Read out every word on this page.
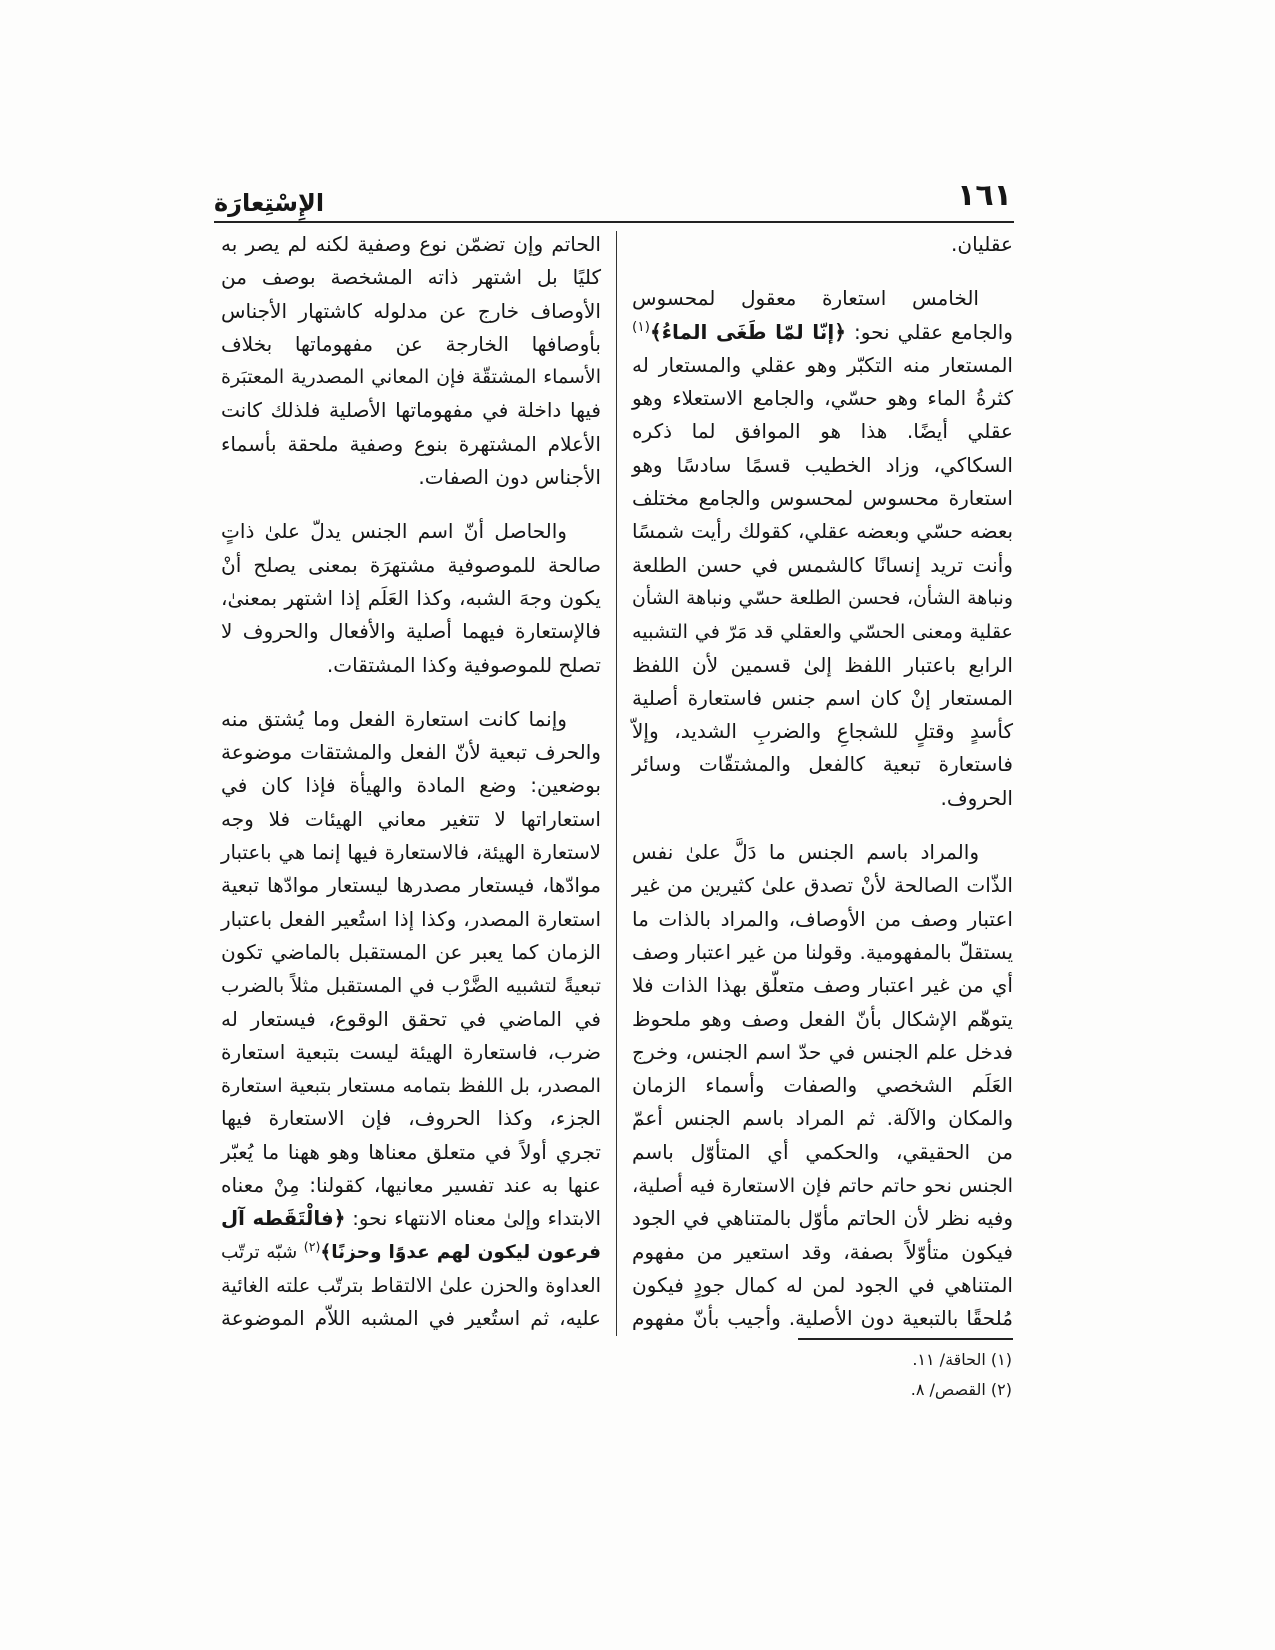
١٦١
الإِسْتِعارَة
عقليان.
الخامس استعارة معقول لمحسوس
والجامع عقلي نحو: ﴿إنّا لمّا طَغَى الماءُ﴾$^{(١)}$
المستعار منه التكبّر وهو عقلي والمستعار له
كثرةُ الماء وهو حسّي، والجامع الاستعلاء وهو
عقلي أيضًا. هذا هو الموافق لما ذكره
السكاكي، وزاد الخطيب قسمًا سادسًا وهو
استعارة محسوس لمحسوس والجامع مختلف
بعضه حسّي وبعضه عقلي، كقولك رأيت شمسًا
وأنت تريد إنسانًا كالشمس في حسن الطلعة
ونباهة الشأن، فحسن الطلعة حسّي ونباهة الشأن
عقلية ومعنى الحسّي والعقلي قد مَرّ في التشبيه
الرابع باعتبار اللفظ إلىٰ قسمين لأن اللفظ
المستعار إنْ كان اسم جنس فاستعارة أصلية
كأسدٍ وقتلٍ للشجاعِ والضربِ الشديد، وإلاّ
فاستعارة تبعية كالفعل والمشتقّات وسائر
الحروف.
والمراد باسم الجنس ما دَلَّ علىٰ نفس
الذّات الصالحة لأنْ تصدق علىٰ كثيرين من غير
اعتبار وصف من الأوصاف، والمراد بالذات ما
يستقلّ بالمفهومية. وقولنا من غير اعتبار وصف
أي من غير اعتبار وصف متعلّق بهذا الذات فلا
يتوهّم الإشكال بأنّ الفعل وصف وهو ملحوظ
فدخل علم الجنس في حدّ اسم الجنس، وخرج
العَلَم الشخصي والصفات وأسماء الزمان
والمكان والآلة. ثم المراد باسم الجنس أعمّ
من الحقيقي، والحكمي أي المتأوّل باسم
الجنس نحو حاتم حاتم فإن الاستعارة فيه أصلية،
وفيه نظر لأن الحاتم مأوّل بالمتناهي في الجود
فيكون متأوّلاً بصفة، وقد استعير من مفهوم
المتناهي في الجود لمن له كمال جودٍ فيكون
مُلحقًا بالتبعية دون الأصلية. وأجيب بأنّ مفهوم
الحاتم وإن تضمّن نوع وصفية لكنه لم يصر به
كليًا بل اشتهر ذاته المشخصة بوصف من
الأوصاف خارج عن مدلوله كاشتهار الأجناس
بأوصافها الخارجة عن مفهوماتها بخلاف
الأسماء المشتقّة فإن المعاني المصدرية المعتبَرة
فيها داخلة في مفهوماتها الأصلية فلذلك كانت
الأعلام المشتهرة بنوع وصفية ملحقة بأسماء
الأجناس دون الصفات.
والحاصل أنّ اسم الجنس يدلّ علىٰ ذاتٍ
صالحة للموصوفية مشتهرَة بمعنى يصلح أنْ
يكون وجهَ الشبه، وكذا العَلَم إذا اشتهر بمعنىٰ،
فالإستعارة فيهما أصلية والأفعال والحروف لا
تصلح للموصوفية وكذا المشتقات.
وإنما كانت استعارة الفعل وما يُشتق منه
والحرف تبعية لأنّ الفعل والمشتقات موضوعة
بوضعين: وضع المادة والهيأة فإذا كان في
استعاراتها لا تتغير معاني الهيئات فلا وجه
لاستعارة الهيئة، فالاستعارة فيها إنما هي باعتبار
موادّها، فيستعار مصدرها ليستعار موادّها تبعية
استعارة المصدر، وكذا إذا استُعير الفعل باعتبار
الزمان كما يعبر عن المستقبل بالماضي تكون
تبعيةً لتشبيه الضَّرْب في المستقبل مثلاً بالضرب
في الماضي في تحقق الوقوع، فيستعار له
ضرب، فاستعارة الهيئة ليست بتبعية استعارة
المصدر، بل اللفظ بتمامه مستعار بتبعية استعارة
الجزء، وكذا الحروف، فإن الاستعارة فيها
تجري أولاً في متعلق معناها وهو ههنا ما يُعبّر
عنها به عند تفسير معانيها، كقولنا: مِنْ معناه
الابتداء وإلىٰ معناه الانتهاء نحو: ﴿فالْتَقَطه آل
فرعون ليكون لهم عدوًا وحزنًا﴾$^{(٢)}$ شبّه ترتّب
العداوة والحزن علىٰ الالتقاط بترتّب علته الغائية
عليه، ثم استُعير في المشبه اللاّم الموضوعة
(١) الحاقة/ ١١.
(٢) القصص/ ٨.
